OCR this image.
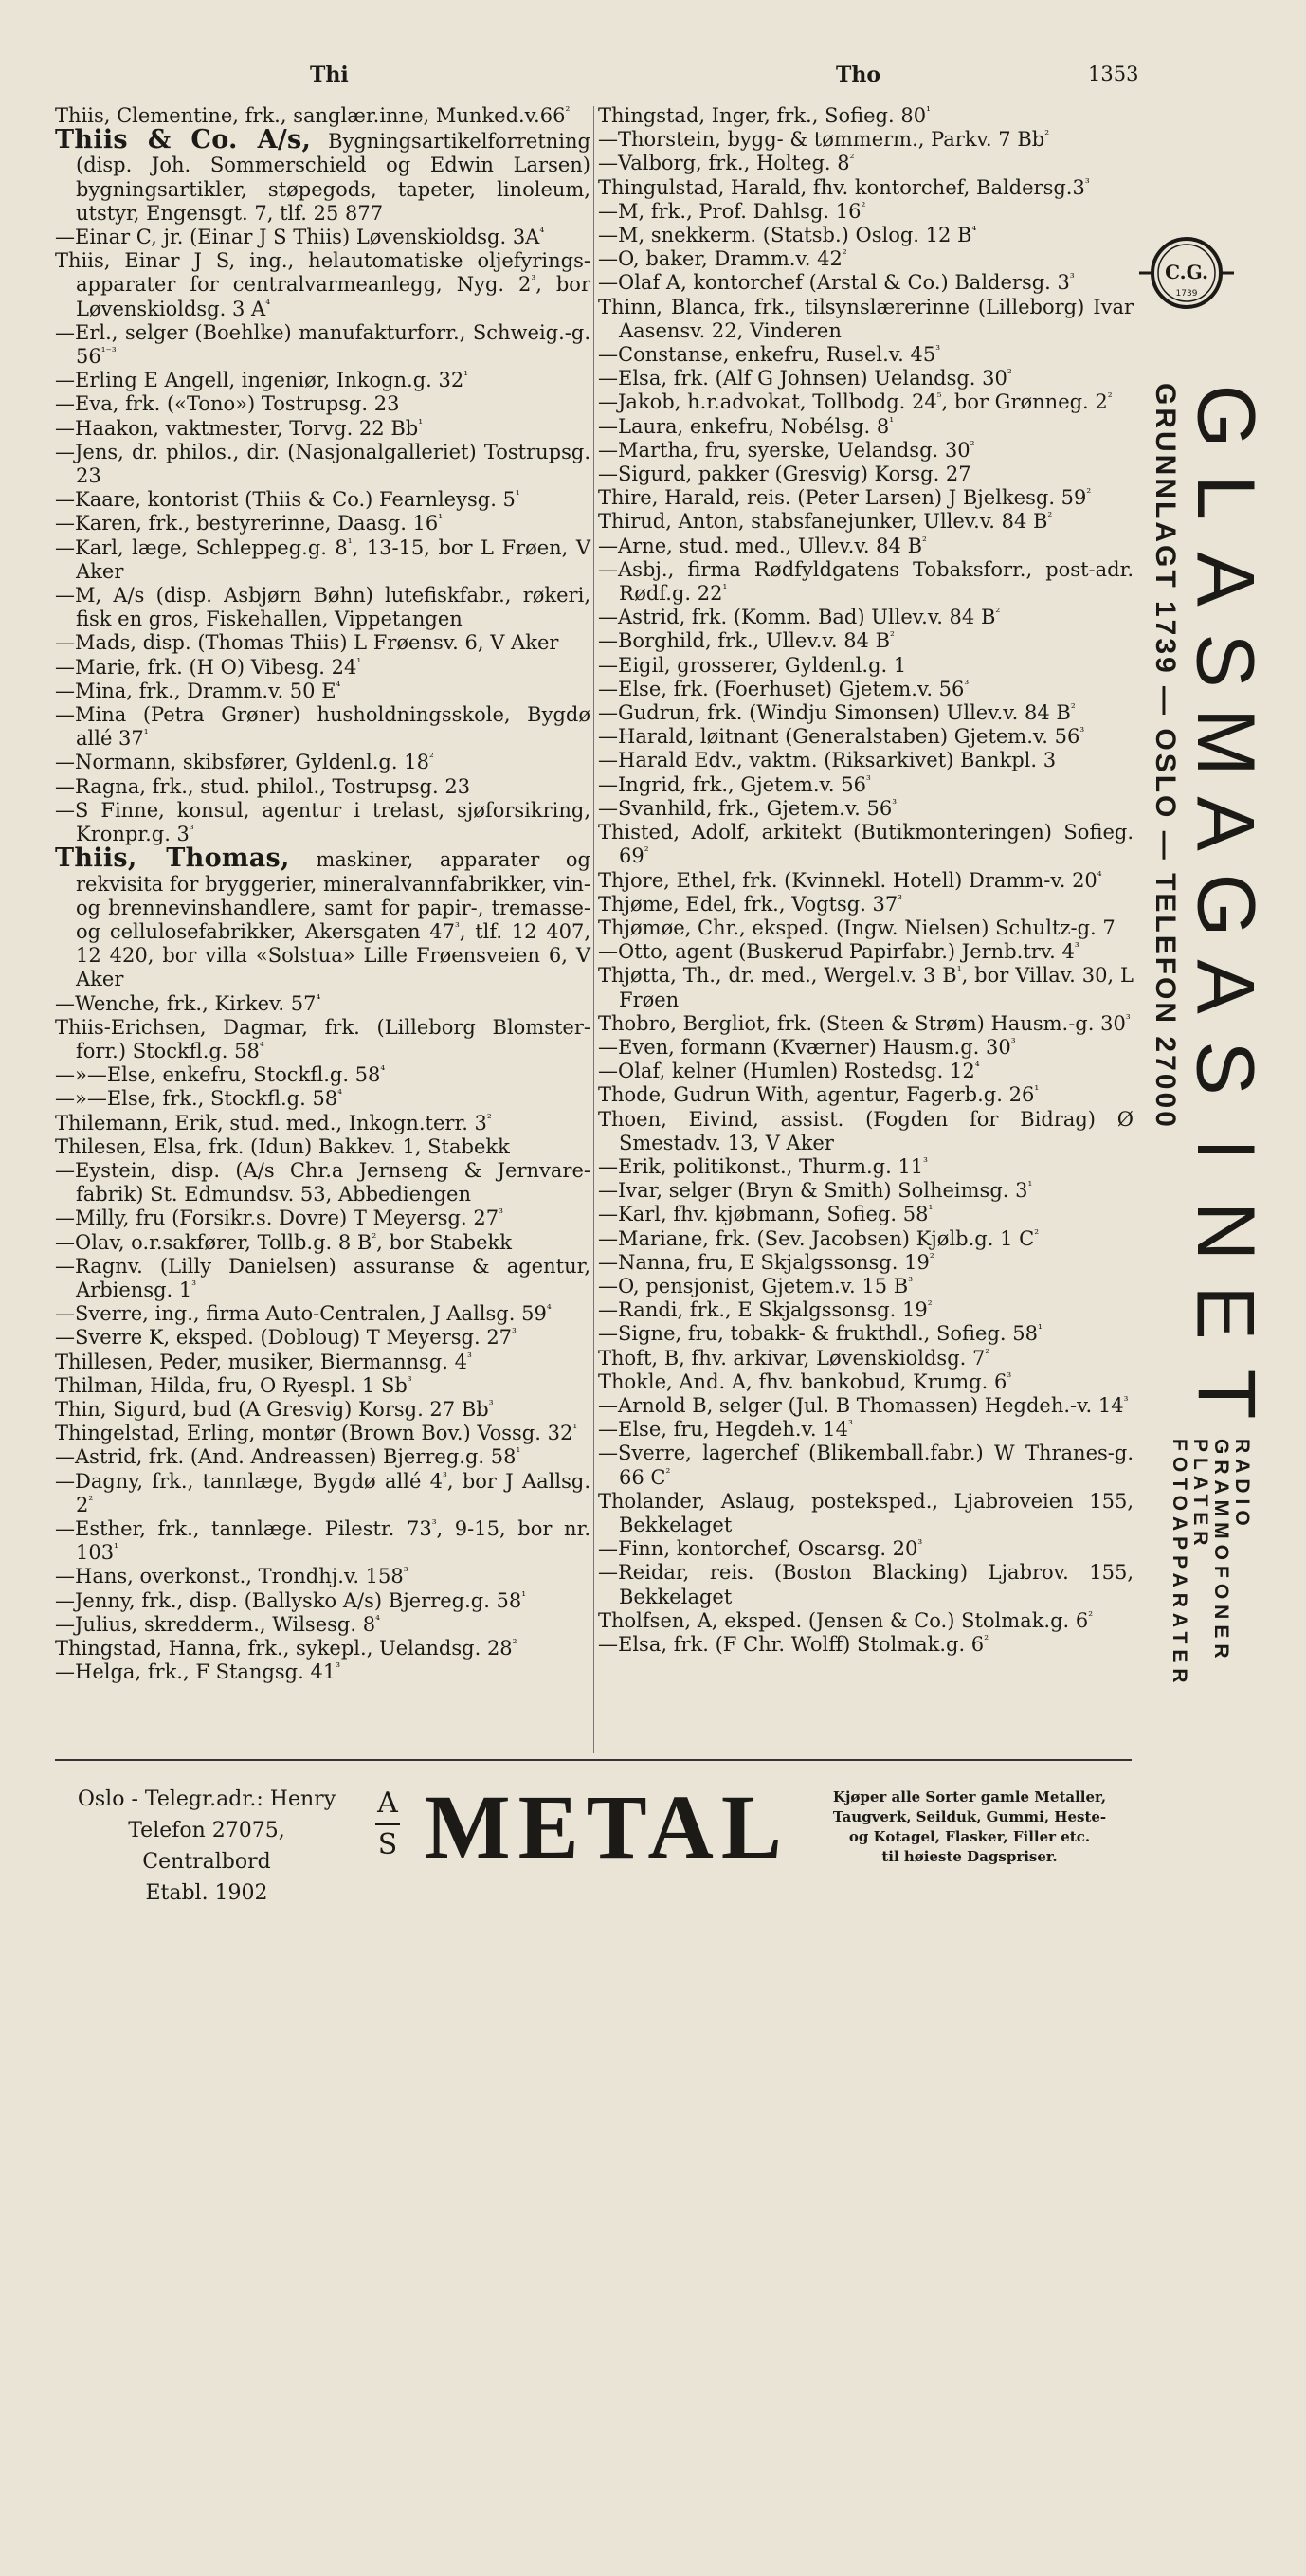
Thi	Tho	1353
Thiis, Clementine, frk., sanglær.inne, $Munked.v.66^{^2}$
Thiis & Co. A/s, Bygningsartikelforretning (disp. Joh. Sommerschield og Edwin Larsen) bygningsartikler, støpegods, tapeter, linoleum, utstyr, Engensgt. 7, tlf. 25 877
—Einar C, jr. (Einar J S Thiis) Løvenskioldsg. $3A^{^4}$
Thiis, Einar J S, ing., helautomatiske oljefyrings-apparater for centralvarmeanlegg, Nyg. $2^{^3}$, bor Løvenskioldsg. 3 $A^{^4}$
—Erl., selger (Boehlke) manufakturforr., Schweig.-g. $56^{^{1-3}}$
—Erling E Angell, ingeniør, Inkogn.g. $32^{^1}$
—Eva, frk. («Tono») Tostrupsg. 23
—Haakon, vaktmester, Torvg. 22 $Bb^{^1}$
—Jens, dr. philos., dir. (Nasjonalgalleriet) Tostrupsg. 23
—Kaare, kontorist (Thiis & Co.) Fearnleysg. $5^{^1}$
—Karen, frk., bestyrerinne, Daasg. $16^{^1}$
—Karl, læge, Schleppeg.g. $8^{^1}$, 13-15, bor L Frøen, V Aker
—M, A/s (disp. Asbjørn Bøhn) lutefiskfabr., røkeri, fisk en gros, Fiskehallen, Vippetangen
—Mads, disp. (Thomas Thiis) L Frøensv. 6, V Aker
—Marie, frk. (H O) Vibesg. $24^{^1}$
—Mina, frk., Dramm.v. 50 $E^{^4}$
—Mina (Petra Grøner) husholdningsskole, Bygdø allé $37^{^1}$
—Normann, skibsfører, Gyldenl.g. $18^{^2}$
—Ragna, frk., stud. philol., Tostrupsg. 23
—S Finne, konsul, agentur i trelast, sjøforsikring, Kronpr.g. $3^{^3}$
Thiis, Thomas, maskiner, apparater og rekvisita for bryggerier, mineralvannfabrikker, vin- og brennevinshandlere, samt for papir-, tremasse- og cellulosefabrikker, Akersgaten $47^{^3}$, tlf. 12 407, 12 420, bor villa «Solstua» Lille Frøensveien 6, V Aker
—Wenche, frk., Kirkev. $57^{^4}$
Thiis-Erichsen, Dagmar, frk. (Lilleborg Blomster-forr.) Stockfl.g. $58^{^4}$
—»—Else, enkefru, Stockfl.g. $58^{^4}$
—»—Else, frk., Stockfl.g. $58^{^4}$
Thilemann, Erik, stud. med., Inkogn.terr. $3^{^2}$
Thilesen, Elsa, frk. (Idun) Bakkev. 1, Stabekk
—Eystein, disp. (A/s Chr.a Jernseng & Jernvare-fabrik) St. Edmundsv. 53, Abbediengen
—Milly, fru (Forsikr.s. Dovre) T Meyersg. $27^{^3}$
—Olav, o.r.sakfører, Tollb.g. 8 $B^{^2}$, bor Stabekk
—Ragnv. (Lilly Danielsen) assuranse & agentur, Arbiensg. $1^{^3}$
—Sverre, ing., firma Auto-Centralen, J Aallsg. $59^{^4}$
—Sverre K, eksped. (Dobloug) T Meyersg. $27^{^3}$
Thillesen, Peder, musiker, Biermannsg. $4^{^3}$
Thilman, Hilda, fru, O Ryespl. 1 $Sb^{^3}$
Thin, Sigurd, bud (A Gresvig) Korsg. 27 $Bb^{^3}$
Thingelstad, Erling, montør (Brown Bov.) Vossg. $32^{^1}$
—Astrid, frk. (And. Andreassen) Bjerreg.g. $58^{^1}$
—Dagny, frk., tannlæge, Bygdø allé $4^{^3}$, bor J Aallsg. $2^{^2}$
—Esther, frk., tannlæge. Pilestr. $73^{^3}$, 9-15, bor nr. $103^{^1}$
—Hans, overkonst., Trondhj.v. $158^{^3}$
—Jenny, frk., disp. (Ballysko A/s) Bjerreg.g. $58^{^1}$
—Julius, skredderm., Wilsesg. $8^{^4}$
Thingstad, Hanna, frk., sykepl., Uelandsg. $28^{^2}$
—Helga, frk., F Stangsg. $41^{^3}$
Thingstad, Inger, frk., Sofieg. $80^{^1}$
—Thorstein, bygg- & tømmerm., Parkv. 7 $Bb^{^2}$
—Valborg, frk., Holteg. $8^{^2}$
Thingulstad, Harald, fhv. kontorchef, $Baldersg.3^{^3}$
—M, frk., Prof. Dahlsg. $16^{^2}$
—M, snekkerm. (Statsb.) Oslog. 12 $B^{^4}$
—O, baker, Dramm.v. $42^{^2}$
—Olaf A, kontorchef (Arstal & Co.) Baldersg. $3^{^3}$
Thinn, Blanca, frk., tilsynslærerinne (Lilleborg) Ivar Aasensv. 22, Vinderen
—Constanse, enkefru, Rusel.v. $45^{^3}$
—Elsa, frk. (Alf G Johnsen) Uelandsg. $30^{^2}$
—Jakob, h.r.advokat, Tollbodg. $24^{^5}$, bor Grønneg. $2^{^2}$
—Laura, enkefru, Nobélsg. $8^{^1}$
—Martha, fru, syerske, Uelandsg. $30^{^2}$
—Sigurd, pakker (Gresvig) Korsg. 27
Thire, Harald, reis. (Peter Larsen) J Bjelkesg. $59^{^2}$
Thirud, Anton, stabsfanejunker, Ullev.v. 84 $B^{^2}$
—Arne, stud. med., Ullev.v. 84 $B^{^2}$
—Asbj., firma Rødfyldgatens Tobaksforr., post-adr. Rødf.g. $22^{^1}$
—Astrid, frk. (Komm. Bad) Ullev.v. 84 $B^{^2}$
—Borghild, frk., Ullev.v. 84 $B^{^2}$
—Eigil, grosserer, Gyldenl.g. 1
—Else, frk. (Foerhuset) Gjetem.v. $56^{^3}$
—Gudrun, frk. (Windju Simonsen) Ullev.v. 84 $B^{^2}$
—Harald, løitnant (Generalstaben) Gjetem.v. $56^{^3}$
—Harald Edv., vaktm. (Riksarkivet) Bankpl. 3
—Ingrid, frk., Gjetem.v. $56^{^3}$
—Svanhild, frk., Gjetem.v. $56^{^3}$
Thisted, Adolf, arkitekt (Butikmonteringen) Sofieg. $69^{^2}$
Thjore, Ethel, frk. (Kvinnekl. Hotell) Dramm-v. $20^{^4}$
Thjøme, Edel, frk., Vogtsg. $37^{^3}$
Thjømøe, Chr., eksped. (Ingw. Nielsen) Schultz-g. 7
—Otto, agent (Buskerud Papirfabr.) Jernb.trv. $4^{^3}$
Thjøtta, Th., dr. med., Wergel.v. 3 $B^{^1}$, bor Villav. 30, L Frøen
Thobro, Bergliot, frk. (Steen & Strøm) Hausm.-g. $30^{^3}$
—Even, formann (Kværner) Hausm.g. $30^{^3}$
—Olaf, kelner (Humlen) Rostedsg. $12^{^4}$
Thode, Gudrun With, agentur, Fagerb.g. $26^{^1}$
Thoen, Eivind, assist. (Fogden for Bidrag) Ø Smestadv. 13, V Aker
—Erik, politikonst., Thurm.g. $11^{^3}$
—Ivar, selger (Bryn & Smith) Solheimsg. $3^{^1}$
—Karl, fhv. kjøbmann, Sofieg. $58^{^1}$
—Mariane, frk. (Sev. Jacobsen) Kjølb.g. 1 $C^{^2}$
—Nanna, fru, E Skjalgssonsg. $19^{^2}$
—O, pensjonist, Gjetem.v. 15 $B^{^3}$
—Randi, frk., E Skjalgssonsg. $19^{^2}$
—Signe, fru, tobakk- & frukthdl., Sofieg. $58^{^1}$
Thoft, B, fhv. arkivar, Løvenskioldsg. $7^{^2}$
Thokle, And. A, fhv. bankobud, Krumg. $6^{^3}$
—Arnold B, selger (Jul. B Thomassen) Hegdeh.-v. $14^{^3}$
—Else, fru, Hegdeh.v. $14^{^3}$
—Sverre, lagerchef (Blikemball.fabr.) W Thranes-g. 66 $C^{^2}$
Tholander, Aslaug, posteksped., Ljabroveien 155, Bekkelaget
—Finn, kontorchef, Oscarsg. $20^{^3}$
—Reidar, reis. (Boston Blacking) Ljabrov. 155, Bekkelaget
Tholfsen, A, eksped. (Jensen & Co.) Stolmak.g. $6^{^2}$
—Elsa, frk. (F Chr. Wolff) Stolmak.g. $6^{^2}$
C.G.
1739
GRUNNLAGT 1739 — OSLO — TELEFON 27000 G
L
A
S
M
A
G
A
S
I
N
E
T
RADIO
GRAMMOFONER
PLATER
FOTOAPPARATER
Oslo - Telegr.adr.: Henry
Telefon 27075, Centralbord
Etabl. 1902
A
S METAL	Kjøper alle Sorter gamle Metaller,
Taugverk, Seilduk, Gummi, Heste-
og Kotagel, Flasker, Filler etc.
til høieste Dagspriser.
